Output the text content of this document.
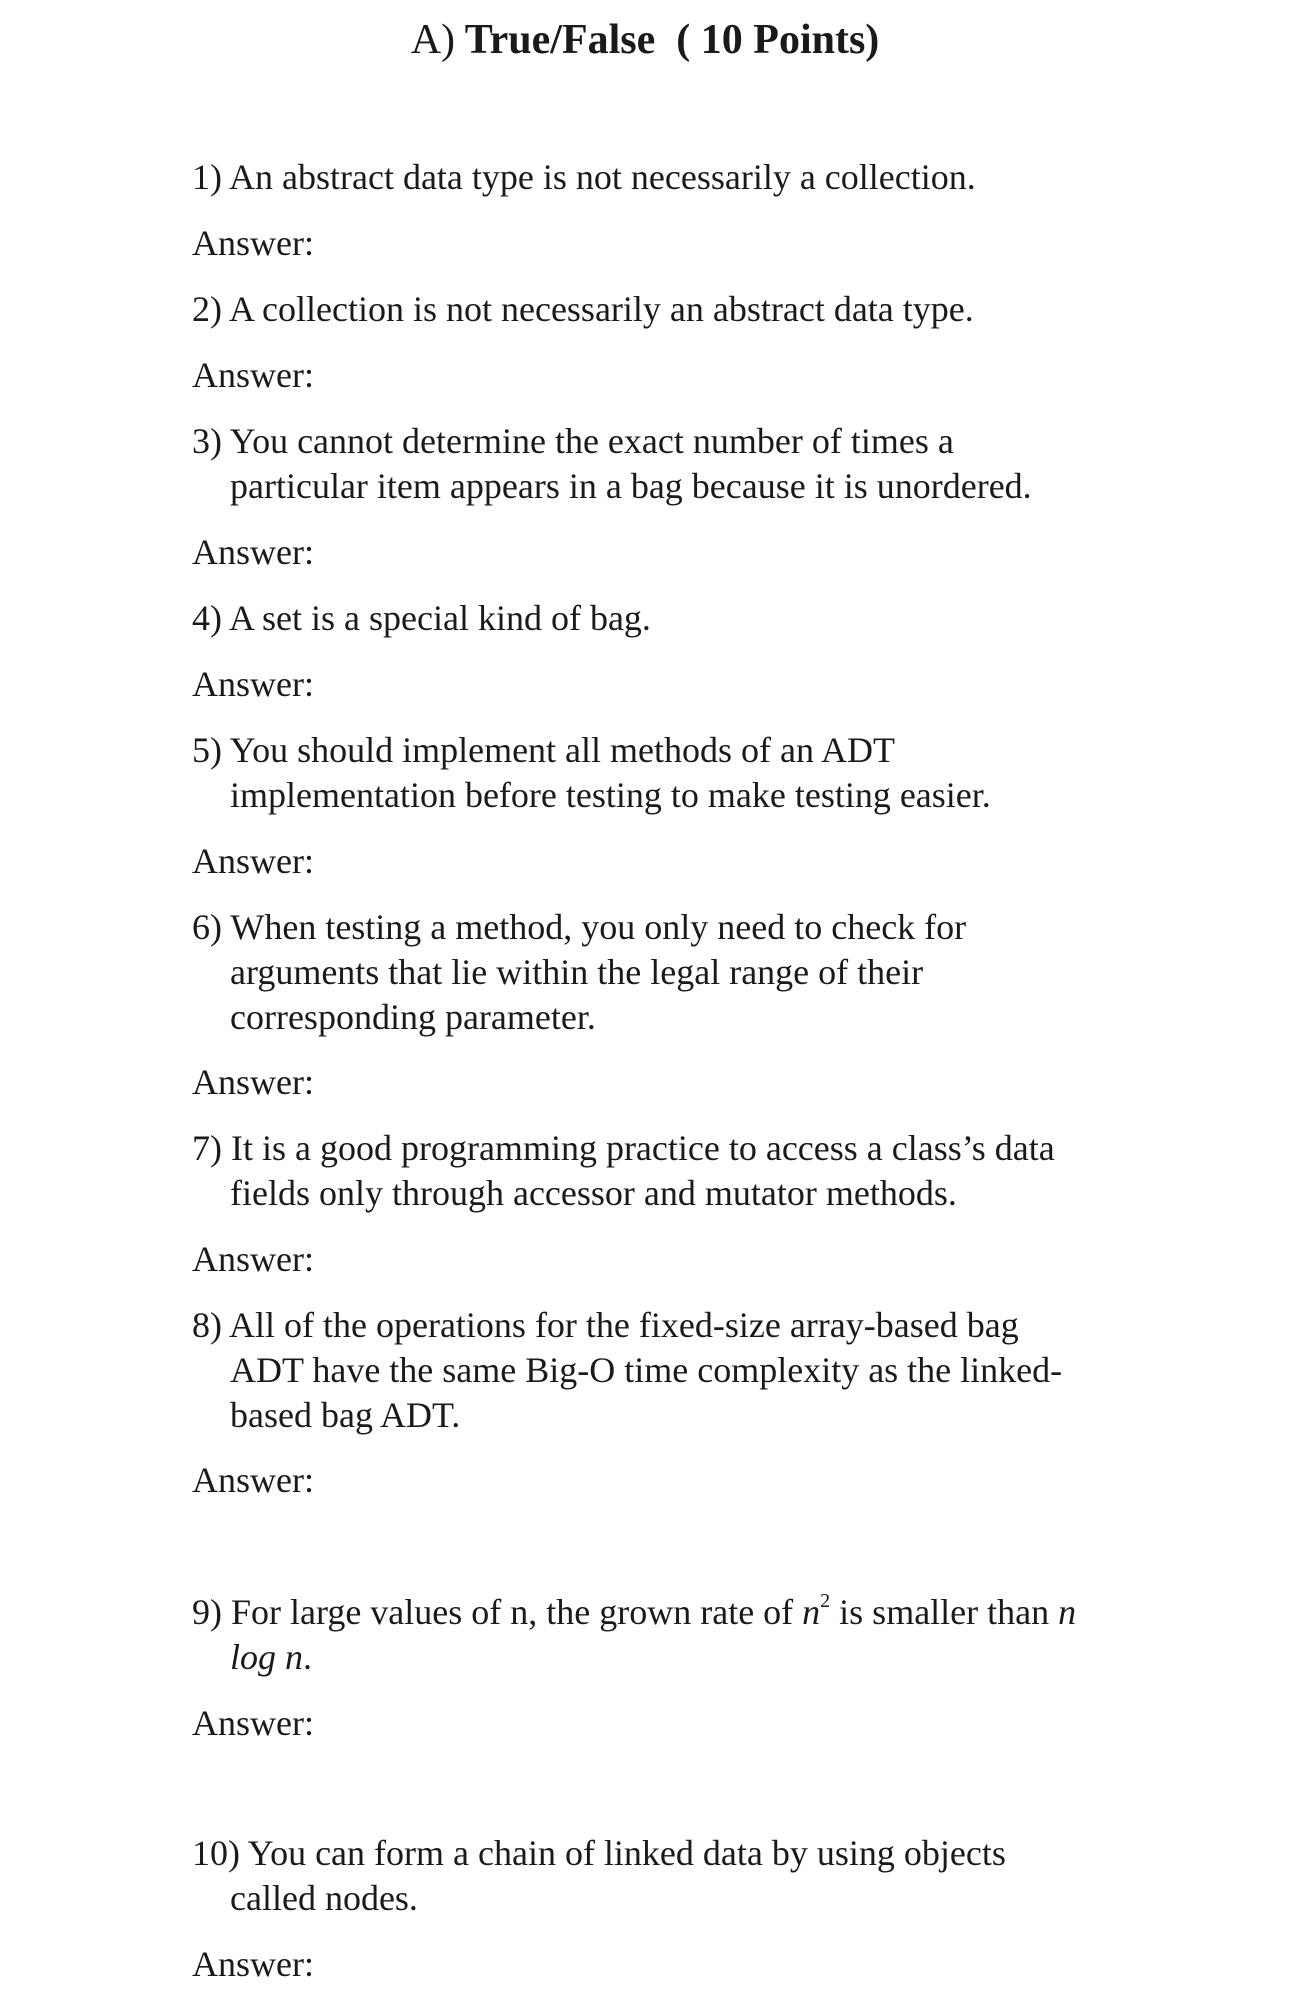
A) True/False ( 10 Points)

1) An abstract data type is not necessarily a collection.

Answer:

2) A collection is not necessarily an abstract data type.

Answer:

3) You cannot determine the exact number of times a
particular item appears in a bag because it is unordered.

Answer:

4) A set is a special kind of bag.

Answer:

5) You should implement all methods of an ADT
implementation before testing to make testing easier.

Answer:

6) When testing a method, you only need to check for
arguments that lie within the legal range of their
corresponding parameter.

Answer:

7) It is a good programming practice to access a class’s data
fields only through accessor and mutator methods.

Answer:

8) All of the operations for the fixed-size array-based bag
ADT have the same Big-O time complexity as the linked-
based bag ADT.

Answer:

9) For large values of n, the grown rate of $n^2$ is smaller than n
log n.

Answer:

10) You can form a chain of linked data by using objects
called nodes.

Answer:
